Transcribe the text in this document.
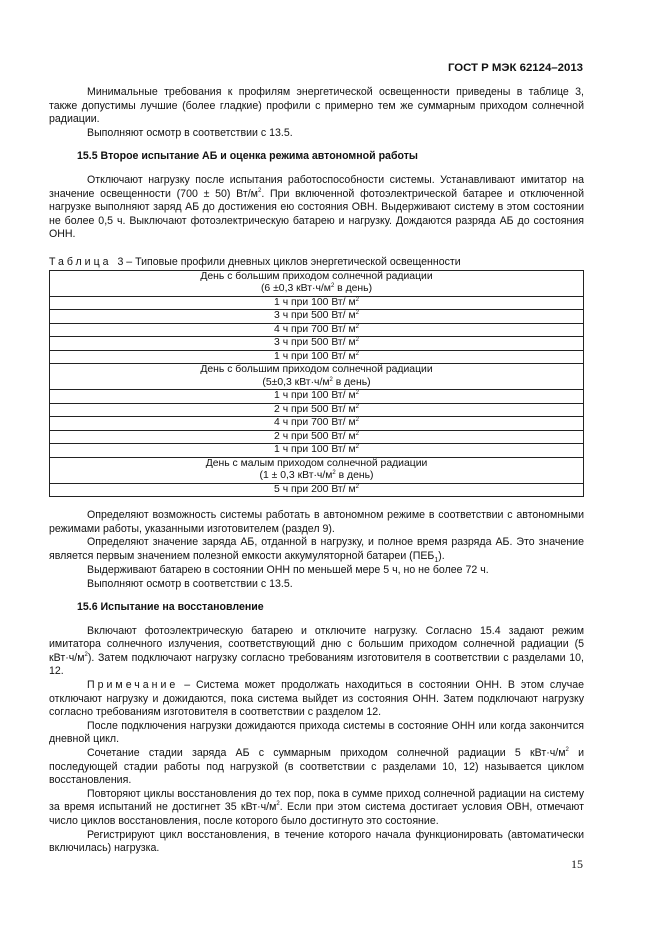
ГОСТ Р МЭК 62124–2013

Минимальные требования к профилям энергетической освещенности приведены в таблице 3, также допустимы лучшие (более гладкие) профили с примерно тем же суммарным приходом солнечной радиации.

Выполняют осмотр в соответствии с 13.5.

15.5 Второе испытание АБ и оценка режима автономной работы

Отключают нагрузку после испытания работоспособности системы. Устанавливают имитатор на значение освещенности (700 ± 50) $Вт/м^2$. При включенной фотоэлектрической батарее и отключенной нагрузке выполняют заряд АБ до достижения ею состояния ОВН. Выдерживают систему в этом состоянии не более 0,5 ч. Выключают фотоэлектрическую батарею и нагрузку. Дождаются разряда АБ до состояния ОНН.

Таблица 3 – Типовые профили дневных циклов энергетической освещенности

День с большим приходом солнечной радиации
(6 ±0,3 $кВт\cdot ч/м^2$ в день)
1 ч при 100 Вт/ $м^2$
3 ч при 500 Вт/ $м^2$
4 ч при 700 Вт/ $м^2$
3 ч при 500 Вт/ $м^2$
1 ч при 100 Вт/ $м^2$
День с большим приходом солнечной радиации
(5±0,3 $кВт\cdot ч/м^2$ в день)
1 ч при 100 Вт/ $м^2$
2 ч при 500 Вт/ $м^2$
4 ч при 700 Вт/ $м^2$
2 ч при 500 Вт/ $м^2$
1 ч при 100 Вт/ $м^2$
День с малым приходом солнечной радиации
(1 ± 0,3 $кВт\cdot ч/м^2$ в день)
5 ч при 200 Вт/ $м^2$

Определяют возможность системы работать в автономном режиме в соответствии с автономными режимами работы, указанными изготовителем (раздел 9).

Определяют значение заряда АБ, отданной в нагрузку, и полное время разряда АБ. Это значение является первым значением полезной емкости аккумуляторной батареи $(ПЕБ_1)$.

Выдерживают батарею в состоянии ОНН по меньшей мере 5 ч, но не более 72 ч.

Выполняют осмотр в соответствии с 13.5.

15.6 Испытание на восстановление

Включают фотоэлектрическую батарею и отключите нагрузку. Согласно 15.4 задают режим имитатора солнечного излучения, соответствующий дню с большим приходом солнечной радиации (5 $кВт\cdot ч/м^2$). Затем подключают нагрузку согласно требованиям изготовителя в соответствии с разделами 10, 12.

Примечание – Система может продолжать находиться в состоянии ОНН. В этом случае отключают нагрузку и дожидаются, пока система выйдет из состояния ОНН. Затем подключают нагрузку согласно требованиям изготовителя в соответствии с разделом 12.

После подключения нагрузки дожидаются прихода системы в состояние ОНН или когда закончится дневной цикл.

Сочетание стадии заряда АБ с суммарным приходом солнечной радиации 5 $кВт\cdot ч/м^2$ и последующей стадии работы под нагрузкой (в соответствии с разделами 10, 12) называется циклом восстановления.

Повторяют циклы восстановления до тех пор, пока в сумме приход солнечной радиации на систему за время испытаний не достигнет 35 $кВт\cdot ч/м^2$. Если при этом система достигает условия ОВН, отмечают число циклов восстановления, после которого было достигнуто это состояние.

Регистрируют цикл восстановления, в течение которого начала функционировать (автоматически включилась) нагрузка.

15
